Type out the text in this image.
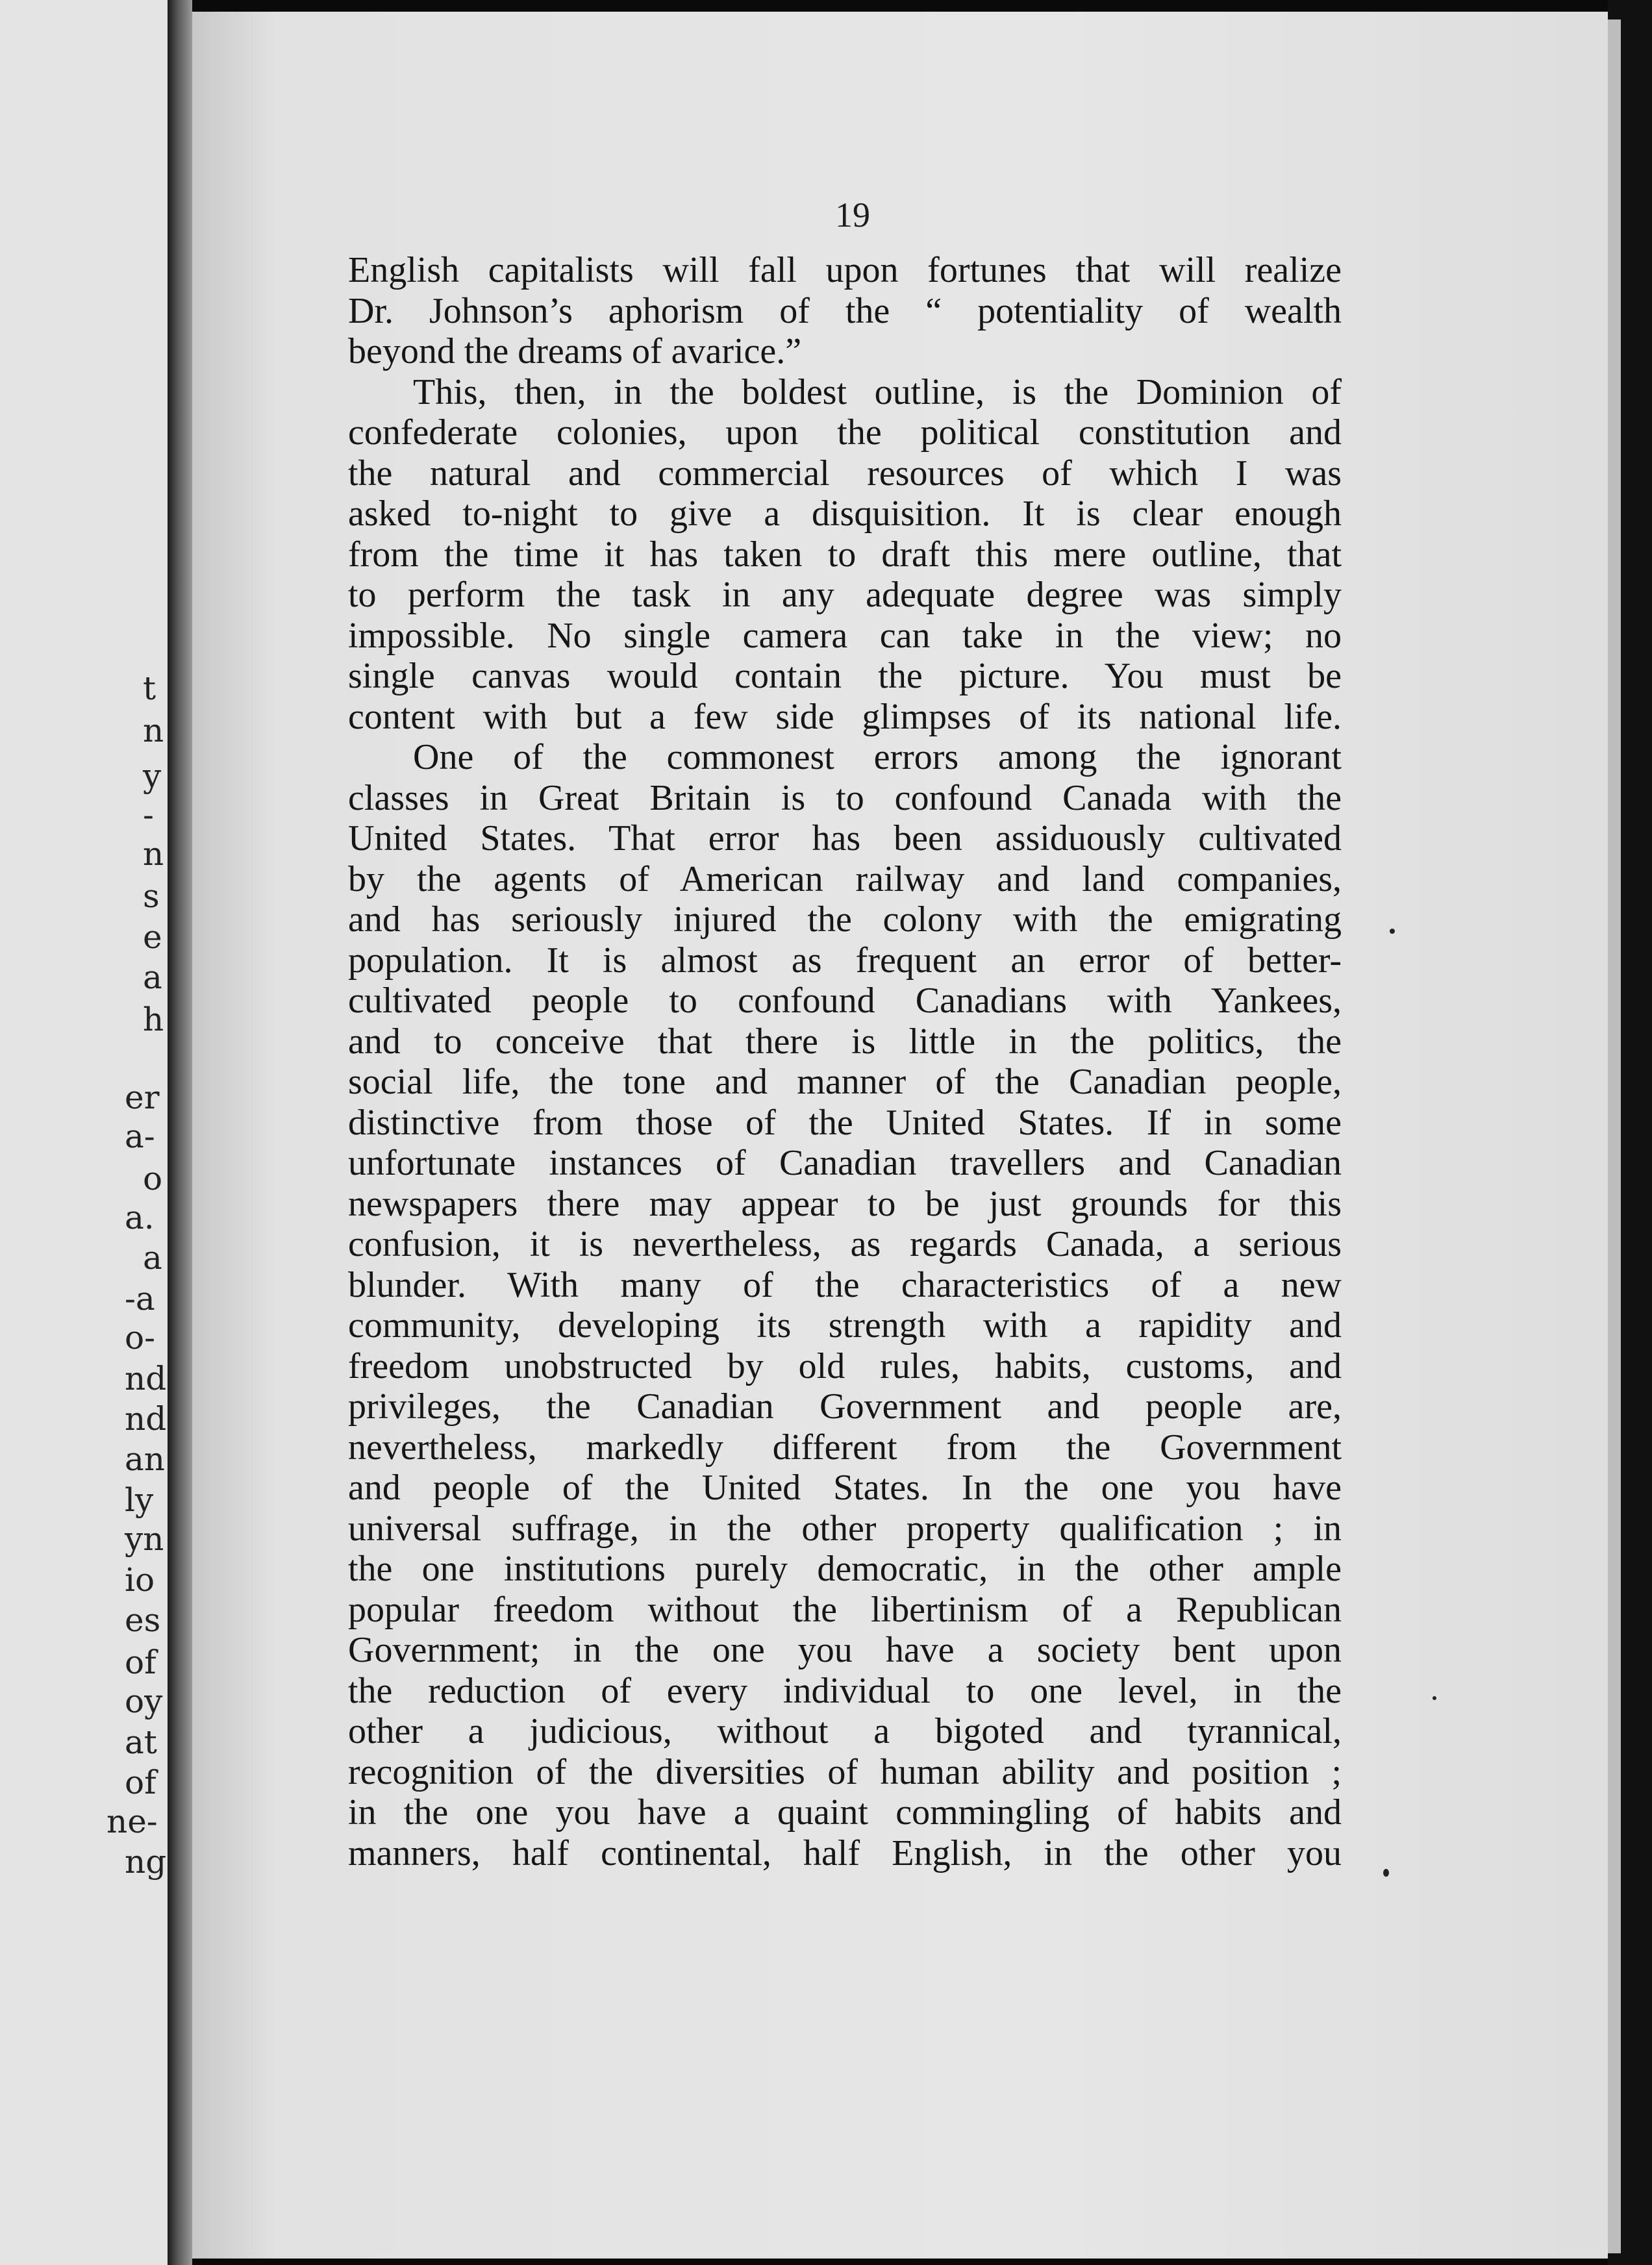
t
n
y
-
n
s
e
a
h
er
a-
o
a.
a
-a
o-
nd
nd
an
ly
yn
io
es
of
oy
at
of
ne-
ng
19
English capitalists will fall upon fortunes that will realize
Dr. Johnson’s aphorism of the “ potentiality of wealth
beyond the dreams of avarice.”
This, then, in the boldest outline, is the Dominion of
confederate colonies, upon the political constitution and
the natural and commercial resources of which I was
asked to-night to give a disquisition. It is clear enough
from the time it has taken to draft this mere outline, that
to perform the task in any adequate degree was simply
impossible. No single camera can take in the view; no
single canvas would contain the picture. You must be
content with but a few side glimpses of its national life.
One of the commonest errors among the ignorant
classes in Great Britain is to confound Canada with the
United States. That error has been assiduously cultivated
by the agents of American railway and land companies,
and has seriously injured the colony with the emigrating
population. It is almost as frequent an error of better-
cultivated people to confound Canadians with Yankees,
and to conceive that there is little in the politics, the
social life, the tone and manner of the Canadian people,
distinctive from those of the United States. If in some
unfortunate instances of Canadian travellers and Canadian
newspapers there may appear to be just grounds for this
confusion, it is nevertheless, as regards Canada, a serious
blunder. With many of the characteristics of a new
community, developing its strength with a rapidity and
freedom unobstructed by old rules, habits, customs, and
privileges, the Canadian Government and people are,
nevertheless, markedly different from the Government
and people of the United States. In the one you have
universal suffrage, in the other property qualification ; in
the one institutions purely democratic, in the other ample
popular freedom without the libertinism of a Republican
Government; in the one you have a society bent upon
the reduction of every individual to one level, in the
other a judicious, without a bigoted and tyrannical,
recognition of the diversities of human ability and position ;
in the one you have a quaint commingling of habits and
manners, half continental, half English, in the other you
